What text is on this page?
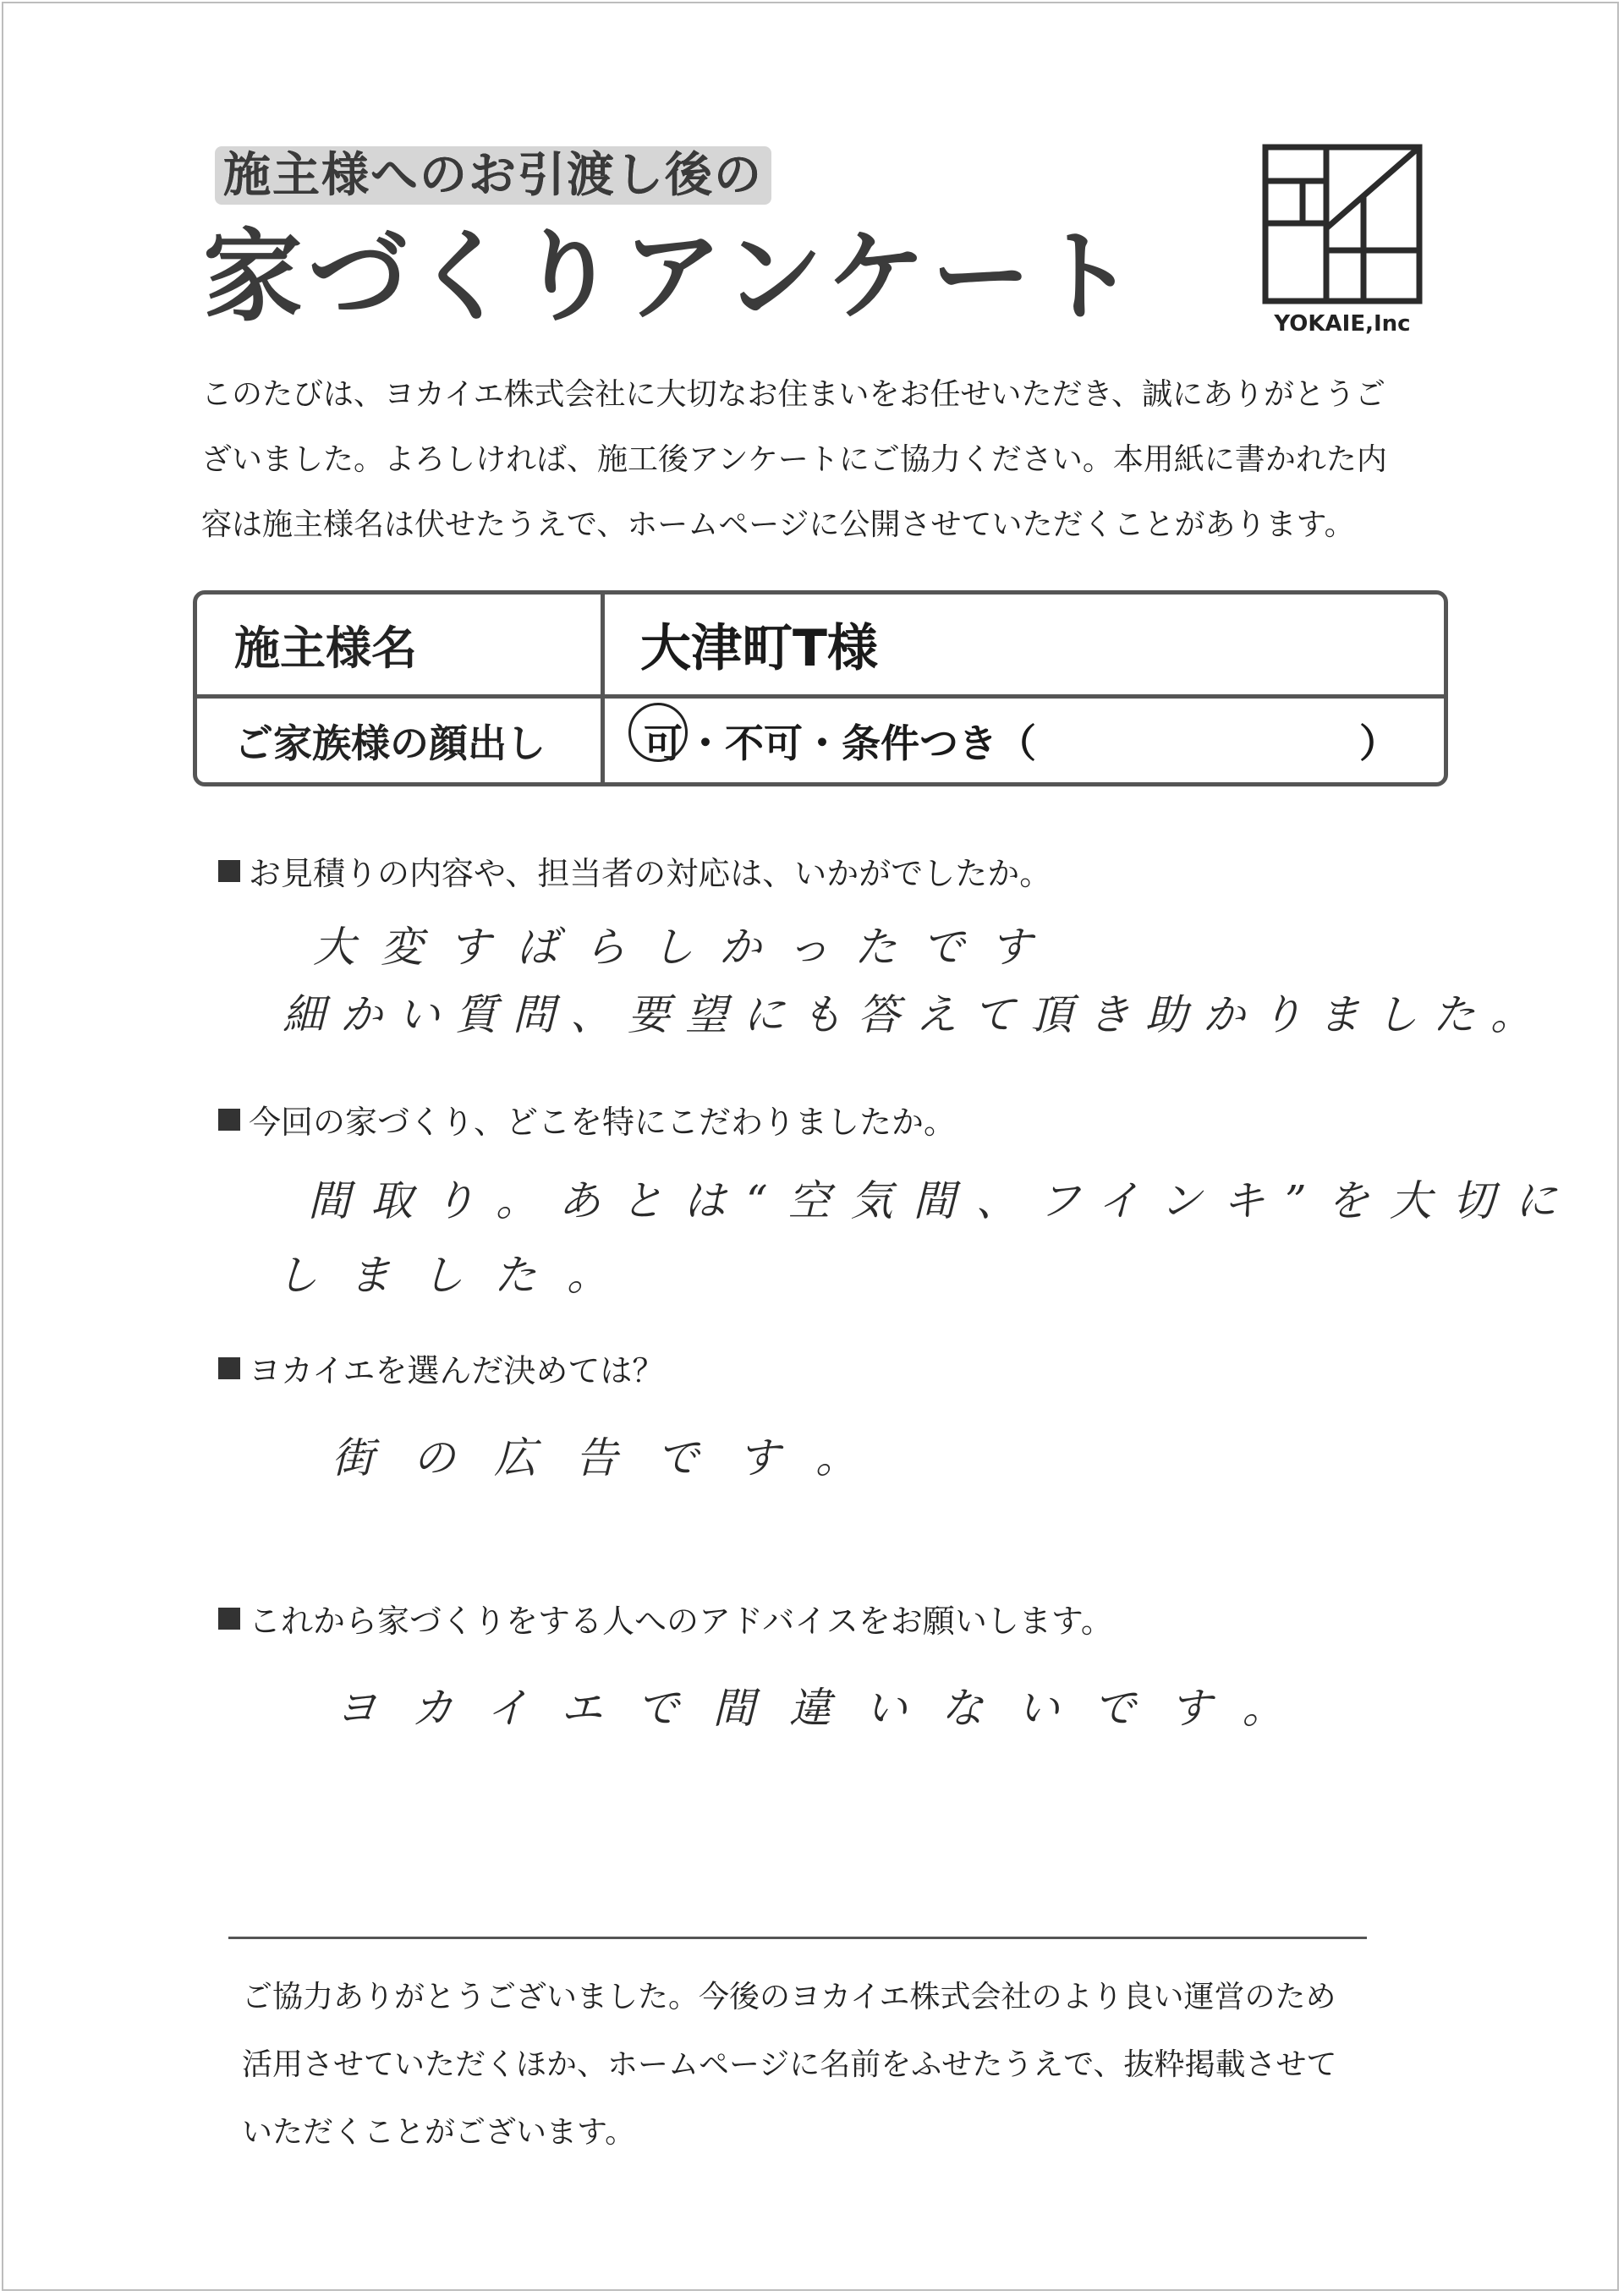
施主様へのお引渡し後の
家づくりアンケート	YOKAIE,Inc

このたびは、ヨカイエ株式会社に大切なお住まいをお任せいただき、誠にありがとうご

ざいました。よろしければ、施工後アンケートにご協力ください。本用紙に書かれた内

容は施主様名は伏せたうえで、ホームページに公開させていただくことがあります。

施主様名	大津町T様
ご家族様の顔出し	可 ・不可・条件つき（	）
お見積りの内容や、担当者の対応は、いかがでしたか。
大変すばらしかったです
細かい質問、要望にも答えて頂き助かりました。
今回の家づくり、どこを特にこだわりましたか。
間取り。あとは“空気間、フインキ”を大切に
しました。
ヨカイエを選んだ決めては？
街の広告です。
これから家づくりをする人へのアドバイスをお願いします。
ヨカイエで間違いないです。

ご協力ありがとうございました。今後のヨカイエ株式会社のより良い運営のため

活用させていただくほか、ホームページに名前をふせたうえで、抜粋掲載させて

いただくことがございます。
